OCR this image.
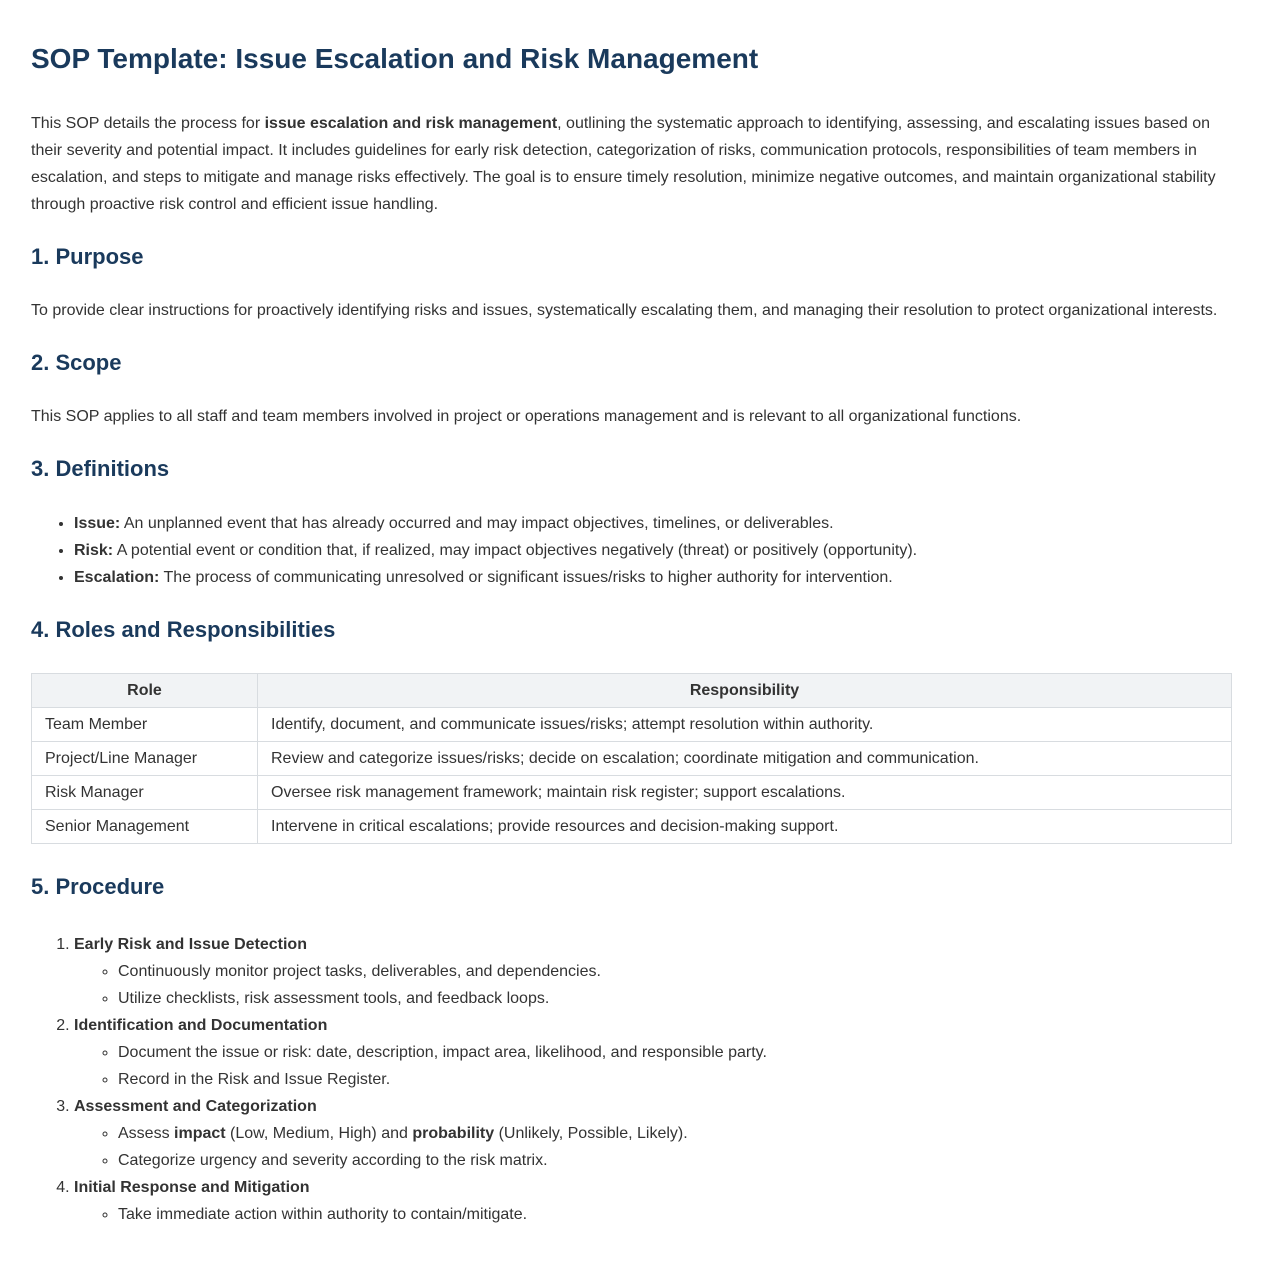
SOP Template: Issue Escalation and Risk Management

This SOP details the process for issue escalation and risk management, outlining the systematic approach to identifying, assessing, and escalating issues based on their severity and potential impact. It includes guidelines for early risk detection, categorization of risks, communication protocols, responsibilities of team members in escalation, and steps to mitigate and manage risks effectively. The goal is to ensure timely resolution, minimize negative outcomes, and maintain organizational stability through proactive risk control and efficient issue handling.

1. Purpose

To provide clear instructions for proactively identifying risks and issues, systematically escalating them, and managing their resolution to protect organizational interests.

2. Scope

This SOP applies to all staff and team members involved in project or operations management and is relevant to all organizational functions.

3. Definitions
• Issue: An unplanned event that has already occurred and may impact objectives, timelines, or deliverables.
• Risk: A potential event or condition that, if realized, may impact objectives negatively (threat) or positively (opportunity).
• Escalation: The process of communicating unresolved or significant issues/risks to higher authority for intervention.
4. Roles and Responsibilities
Role	Responsibility
Team Member	Identify, document, and communicate issues/risks; attempt resolution within authority.
Project/Line Manager	Review and categorize issues/risks; decide on escalation; coordinate mitigation and communication.
Risk Manager	Oversee risk management framework; maintain risk register; support escalations.
Senior Management	Intervene in critical escalations; provide resources and decision-making support.
5. Procedure
1. Early Risk and Issue Detection
◦ Continuously monitor project tasks, deliverables, and dependencies.
◦ Utilize checklists, risk assessment tools, and feedback loops.
2. Identification and Documentation
◦ Document the issue or risk: date, description, impact area, likelihood, and responsible party.
◦ Record in the Risk and Issue Register.
3. Assessment and Categorization
◦ Assess impact (Low, Medium, High) and probability (Unlikely, Possible, Likely).
◦ Categorize urgency and severity according to the risk matrix.
4. Initial Response and Mitigation
◦ Take immediate action within authority to contain/mitigate.
